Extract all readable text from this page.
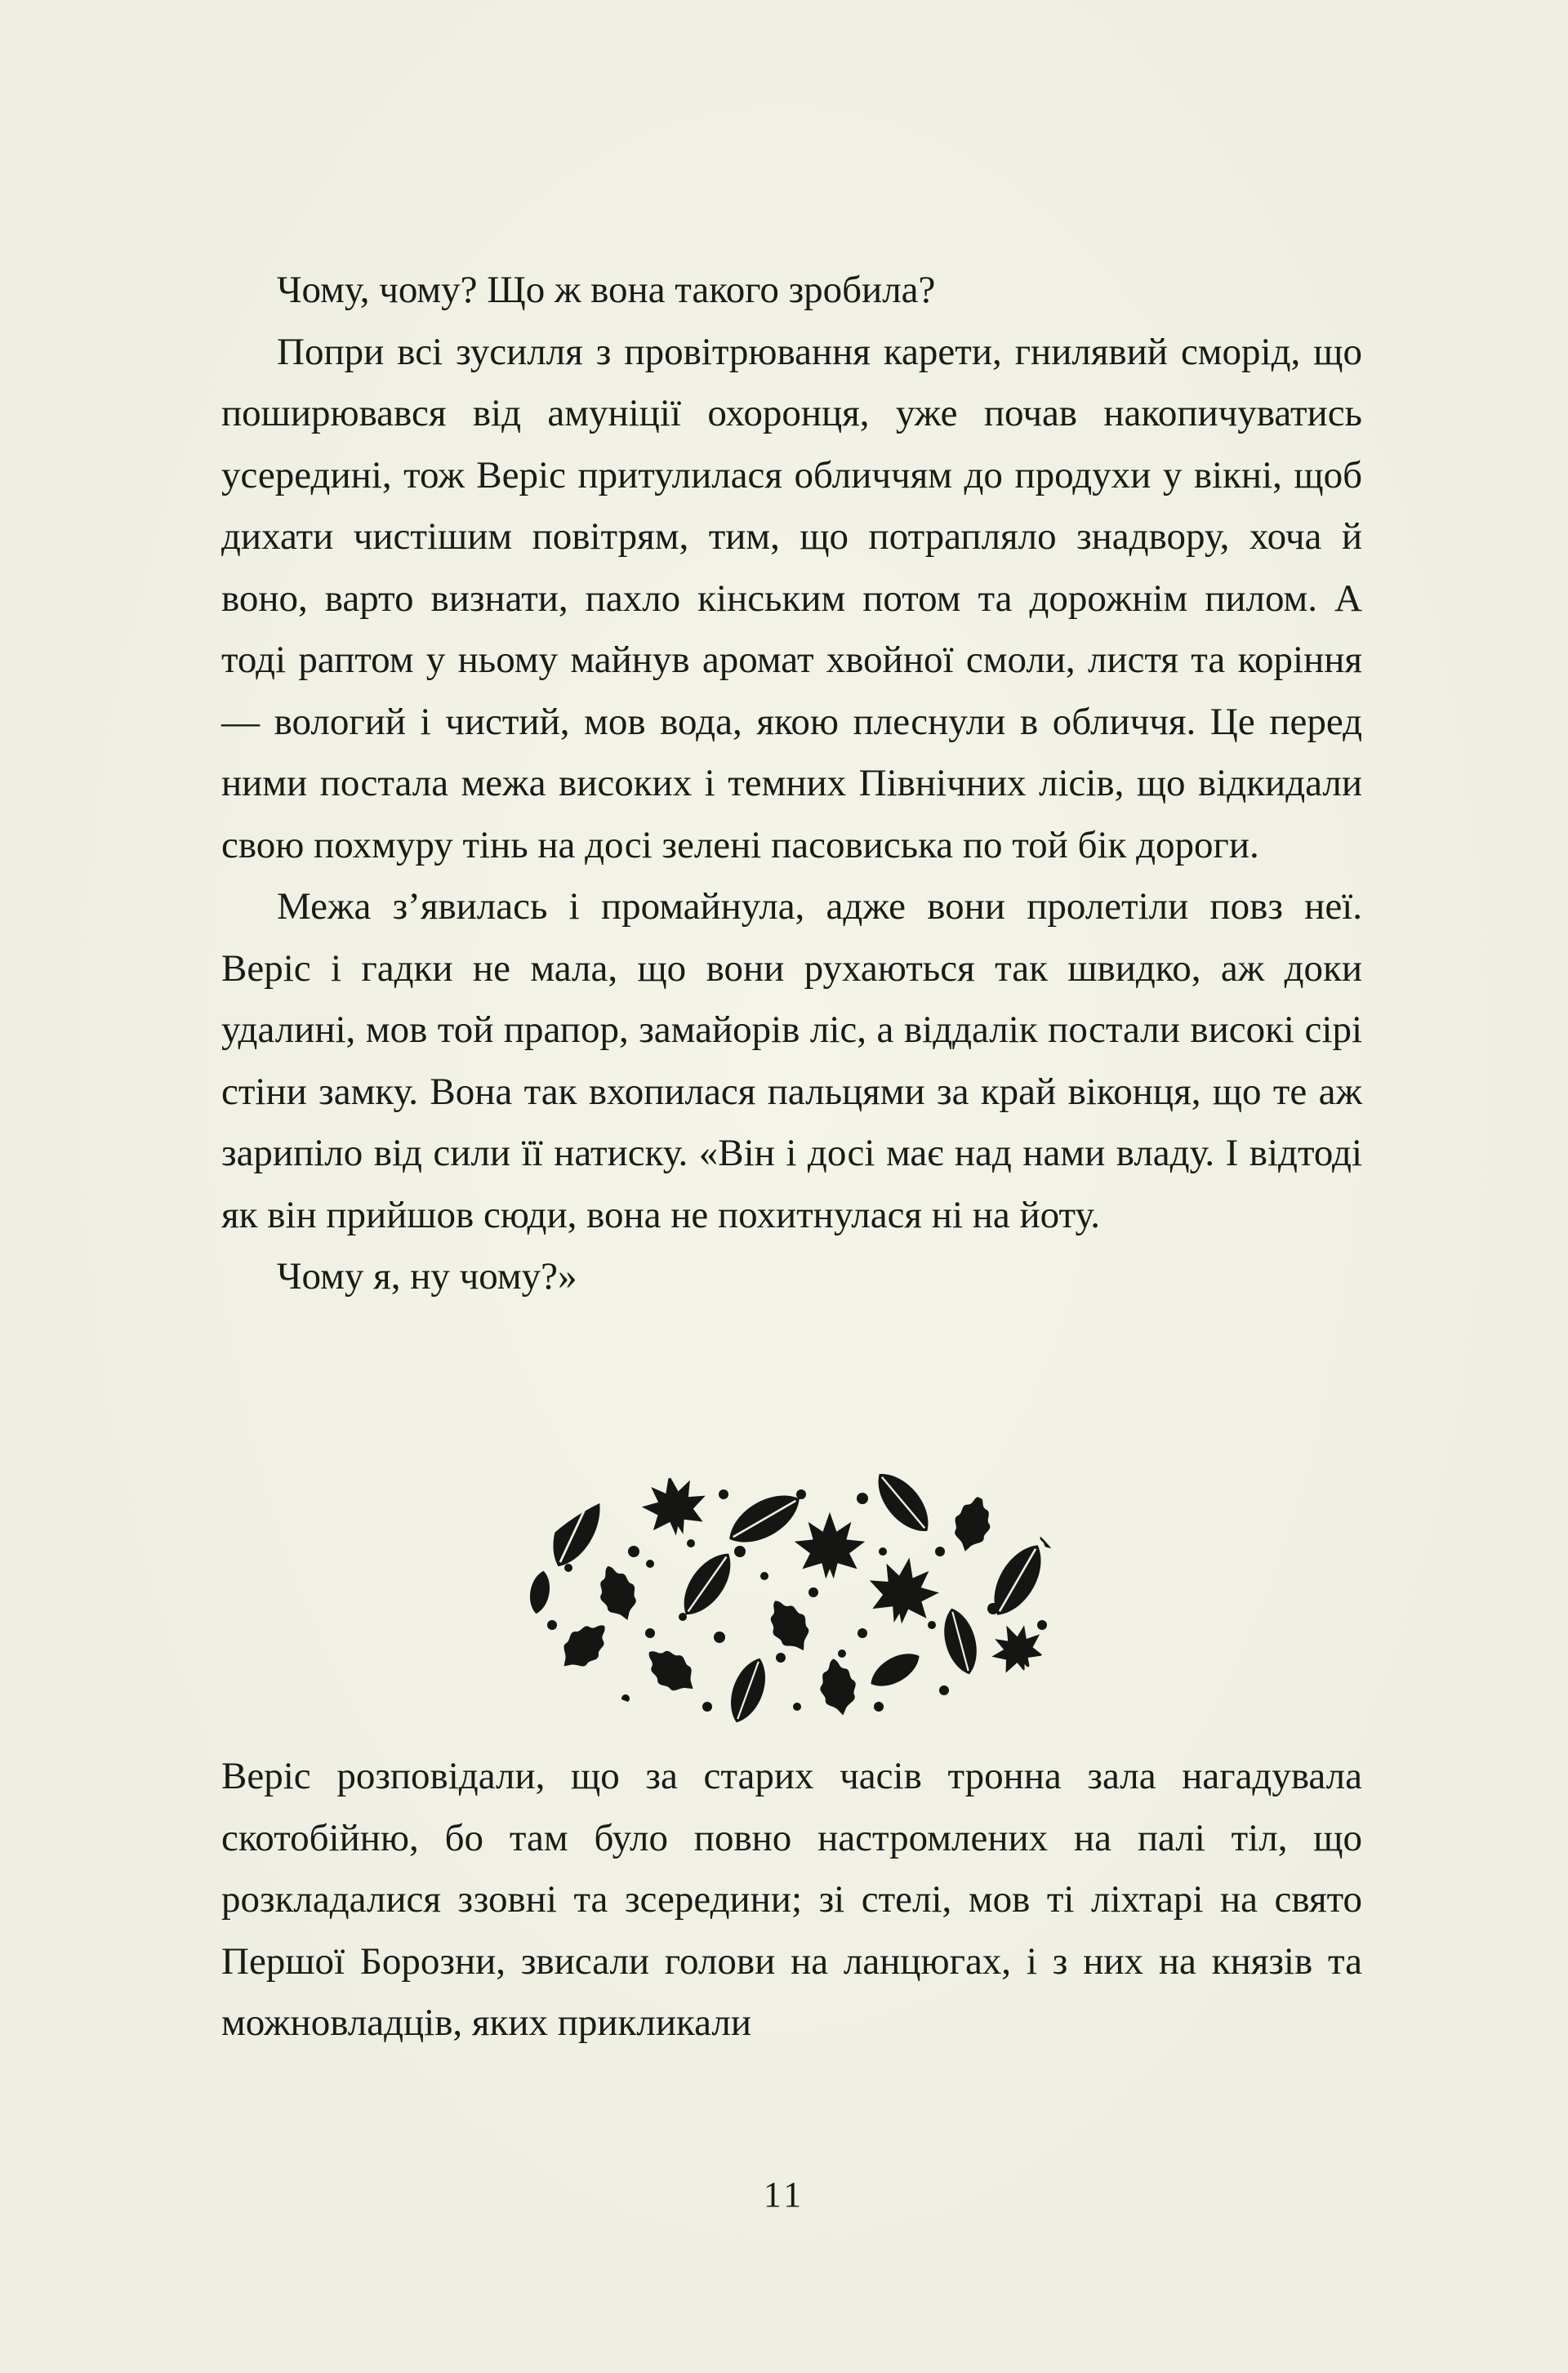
Чому, чому? Що ж вона такого зробила?

Попри всі зусилля з провітрювання карети, гнилявий сморід, що поширювався від амуніції охоронця, уже почав накопичуватись усередині, тож Веріс притулилася обличчям до продухи у вікні, щоб дихати чистішим повітрям, тим, що потрапляло знадвору, хоча й воно, варто визнати, пахло кінським потом та дорожнім пилом. А тоді раптом у ньому майнув аромат хвойної смоли, листя та коріння — вологий і чистий, мов вода, якою плеснули в обличчя. Це перед ними постала межа високих і темних Північних лісів, що відкидали свою похмуру тінь на досі зелені пасовиська по той бік дороги.

Межа з’явилась і промайнула, адже вони пролетіли повз неї. Веріс і гадки не мала, що вони рухаються так швидко, аж доки удалині, мов той прапор, замайорів ліс, а віддалік постали високі сірі стіни замку. Вона так вхопилася пальцями за край віконця, що те аж зарипіло від сили її натиску. «Він і досі має над нами владу. І відтоді як він прийшов сюди, вона не похитнулася ні на йоту.

Чому я, ну чому?»

Веріс розповідали, що за старих часів тронна зала нагадувала скотобійню, бо там було повно настромлених на палі тіл, що розкладалися ззовні та зсередини; зі стелі, мов ті ліхтарі на свято Першої Борозни, звисали голови на ланцюгах, і з них на князів та можновладців, яких прикликали

11
